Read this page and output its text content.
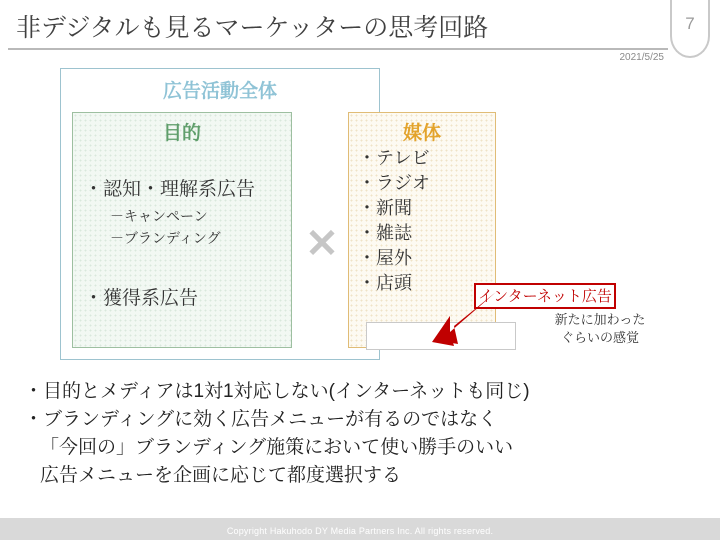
非デジタルも見るマーケッターの思考回路
2021/5/25
7
広告活動全体
目的
・認知・理解系広告
－キャンペーン
－ブランディング
・獲得系広告
✕
媒体
・テレビ
・ラジオ
・新聞
・雑誌
・屋外
・店頭
インターネット広告
新たに加わった
ぐらいの感覚
・目的とメディアは1対1対応しない(インターネットも同じ)
・ブランディングに効く広告メニューが有るのではなく
「今回の」ブランディング施策において使い勝手のいい
広告メニューを企画に応じて都度選択する
Copyright Hakuhodo DY Media Partners Inc. All rights reserved.
